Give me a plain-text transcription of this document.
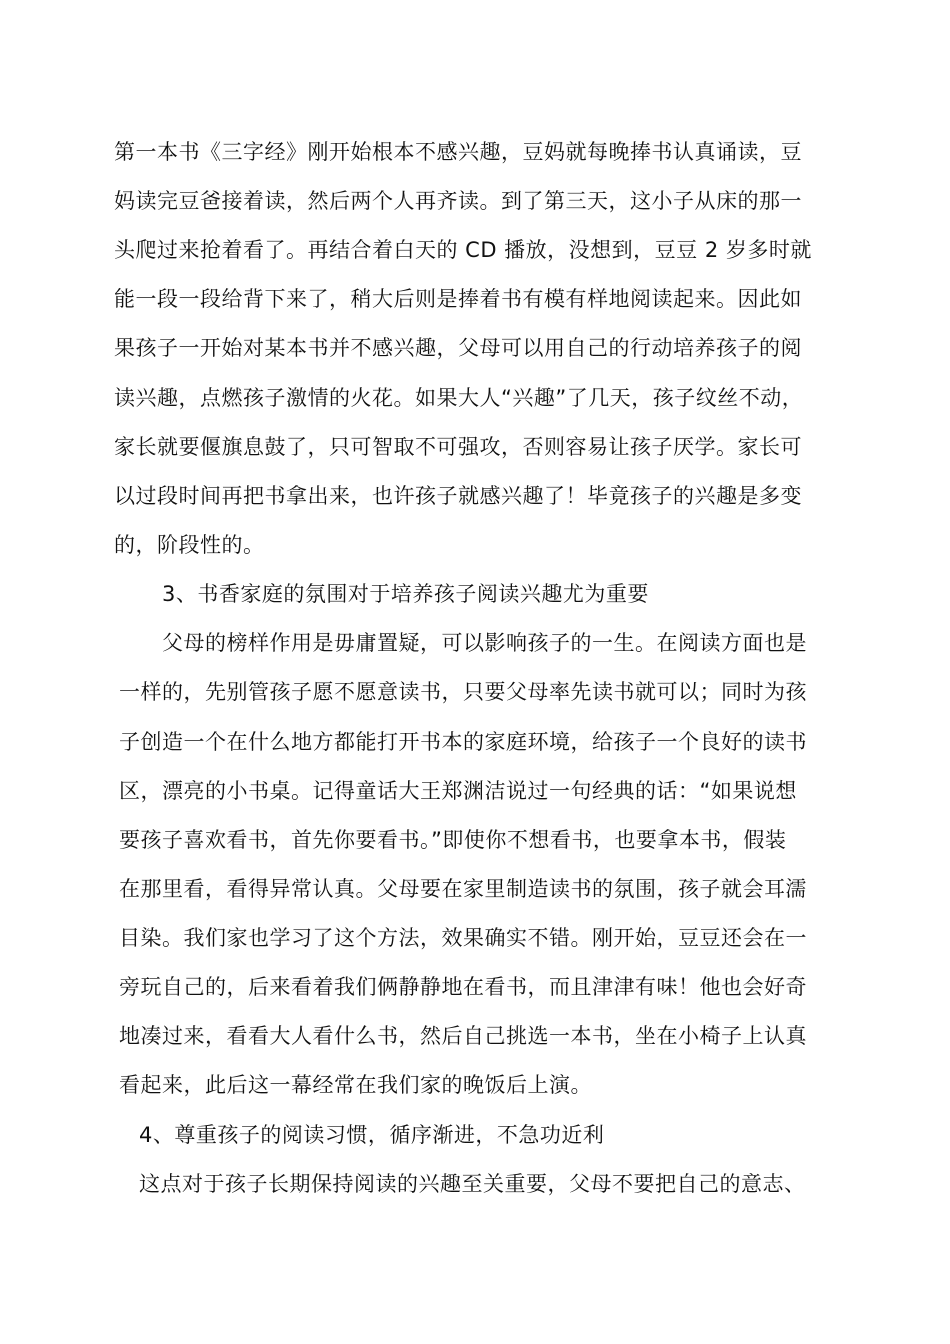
第一本书《三字经》刚开始根本不感兴趣，豆妈就每晚捧书认真诵读，豆
妈读完豆爸接着读，然后两个人再齐读。到了第三天，这小子从床的那一
头爬过来抢着看了。再结合着白天的 CD 播放，没想到，豆豆 2 岁多时就
能一段一段给背下来了，稍大后则是捧着书有模有样地阅读起来。因此如
果孩子一开始对某本书并不感兴趣，父母可以用自己的行动培养孩子的阅
读兴趣，点燃孩子激情的火花。如果大人“兴趣”了几天，孩子纹丝不动，
家长就要偃旗息鼓了，只可智取不可强攻，否则容易让孩子厌学。家长可
以过段时间再把书拿出来，也许孩子就感兴趣了！毕竟孩子的兴趣是多变
的，阶段性的。
3、书香家庭的氛围对于培养孩子阅读兴趣尤为重要
父母的榜样作用是毋庸置疑，可以影响孩子的一生。在阅读方面也是
一样的，先别管孩子愿不愿意读书，只要父母率先读书就可以；同时为孩
子创造一个在什么地方都能打开书本的家庭环境，给孩子一个良好的读书
区，漂亮的小书桌。记得童话大王郑渊洁说过一句经典的话：“如果说想
要孩子喜欢看书，首先你要看书。”即使你不想看书，也要拿本书，假装
在那里看，看得异常认真。父母要在家里制造读书的氛围，孩子就会耳濡
目染。我们家也学习了这个方法，效果确实不错。刚开始，豆豆还会在一
旁玩自己的，后来看着我们俩静静地在看书，而且津津有味！他也会好奇
地凑过来，看看大人看什么书，然后自己挑选一本书，坐在小椅子上认真
看起来，此后这一幕经常在我们家的晚饭后上演。
4、尊重孩子的阅读习惯，循序渐进，不急功近利
这点对于孩子长期保持阅读的兴趣至关重要，父母不要把自己的意志、
